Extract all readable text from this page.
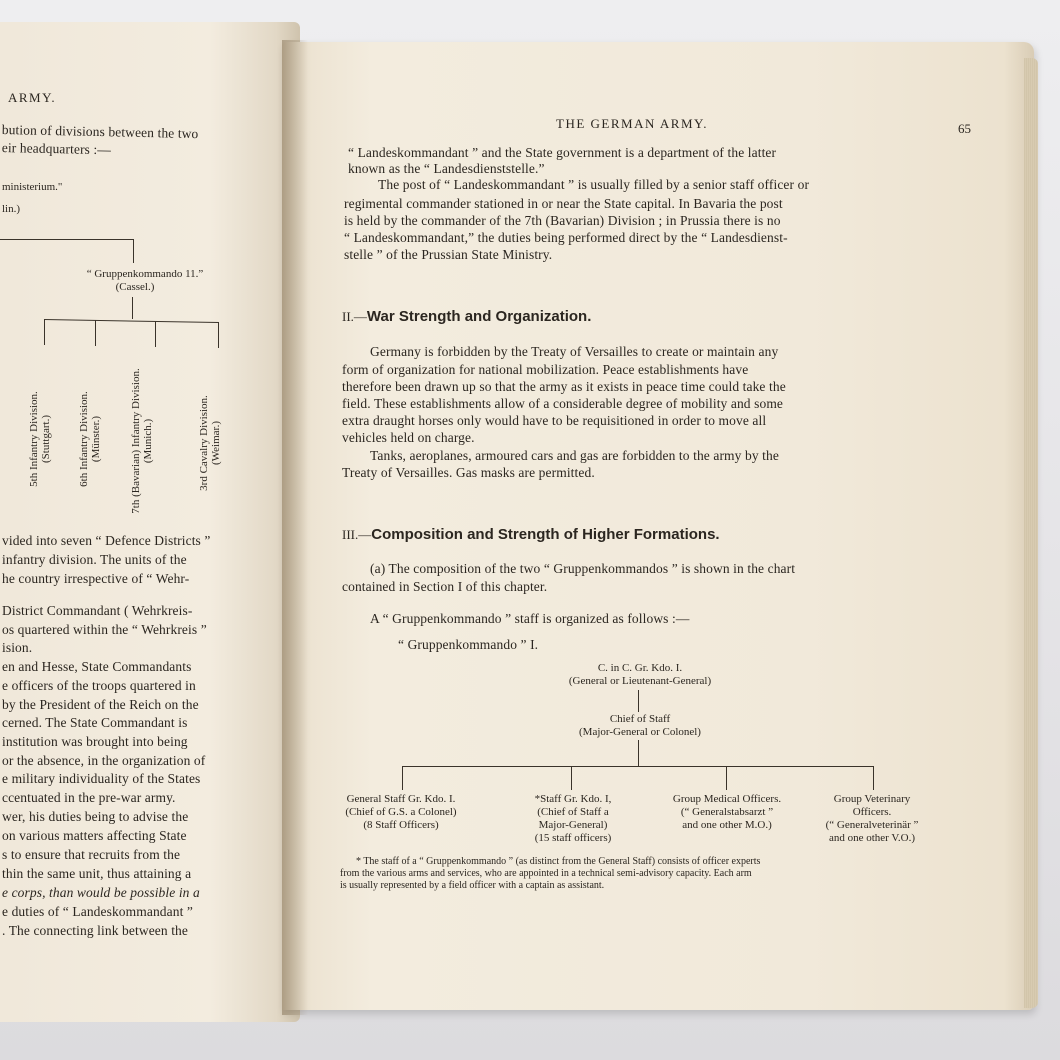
ARMY.
bution of divisions between the two
eir headquarters :—
ministerium."
lin.)
“ Gruppenkommando 11.”
(Cassel.)
5th Infantry Division. (Stuttgart.) 6th Infantry Division. (Münster.)	7th (Bavarian) Infantry Division. (Munich.)	3rd Cavalry Division. (Weimar.)
vided into seven “ Defence Districts ”
infantry division. The units of the
he country irrespective of “ Wehr-
District Commandant ( Wehrkreis-
os quartered within the “ Wehrkreis ”
ision.
en and Hesse, State Commandants
e officers of the troops quartered in
by the President of the Reich on the
cerned. The State Commandant is
institution was brought into being
or the absence, in the organization of
e military individuality of the States
ccentuated in the pre-war army.
wer, his duties being to advise the
on various matters affecting State
s to ensure that recruits from the
thin the same unit, thus attaining a
e corps, than would be possible in a
e duties of “ Landeskommandant ”
. The connecting link between the
THE GERMAN ARMY.	65
“ Landeskommandant ” and the State government is a department of the latter
known as the “ Landesdienststelle.”
The post of “ Landeskommandant ” is usually filled by a senior staff officer or
regimental commander stationed in or near the State capital. In Bavaria the post
is held by the commander of the 7th (Bavarian) Division ; in Prussia there is no
“ Landeskommandant,” the duties being performed direct by the “ Landesdienst-
stelle ” of the Prussian State Ministry.
II.—War Strength and Organization.
Germany is forbidden by the Treaty of Versailles to create or maintain any
form of organization for national mobilization. Peace establishments have
therefore been drawn up so that the army as it exists in peace time could take the
field. These establishments allow of a considerable degree of mobility and some
extra draught horses only would have to be requisitioned in order to move all
vehicles held on charge.
Tanks, aeroplanes, armoured cars and gas are forbidden to the army by the
Treaty of Versailles. Gas masks are permitted.
III.—Composition and Strength of Higher Formations.
(a) The composition of the two “ Gruppenkommandos ” is shown in the chart
contained in Section I of this chapter.
A “ Gruppenkommando ” staff is organized as follows :—
“ Gruppenkommando ” I.
C. in C. Gr. Kdo. I.
(General or Lieutenant-General)
Chief of Staff
(Major-General or Colonel)
General Staff Gr. Kdo. I.
(Chief of G.S. a Colonel)
(8 Staff Officers)
*Staff Gr. Kdo. I,
(Chief of Staff a
Major-General)
(15 staff officers)
Group Medical Officers.
(“ Generalstabsarzt ”
and one other M.O.)
Group Veterinary
Officers.
(“ Generalveterinär ”
and one other V.O.)
* The staff of a “ Gruppenkommando ” (as distinct from the General Staff) consists of officer experts
from the various arms and services, who are appointed in a technical semi-advisory capacity. Each arm
is usually represented by a field officer with a captain as assistant.
